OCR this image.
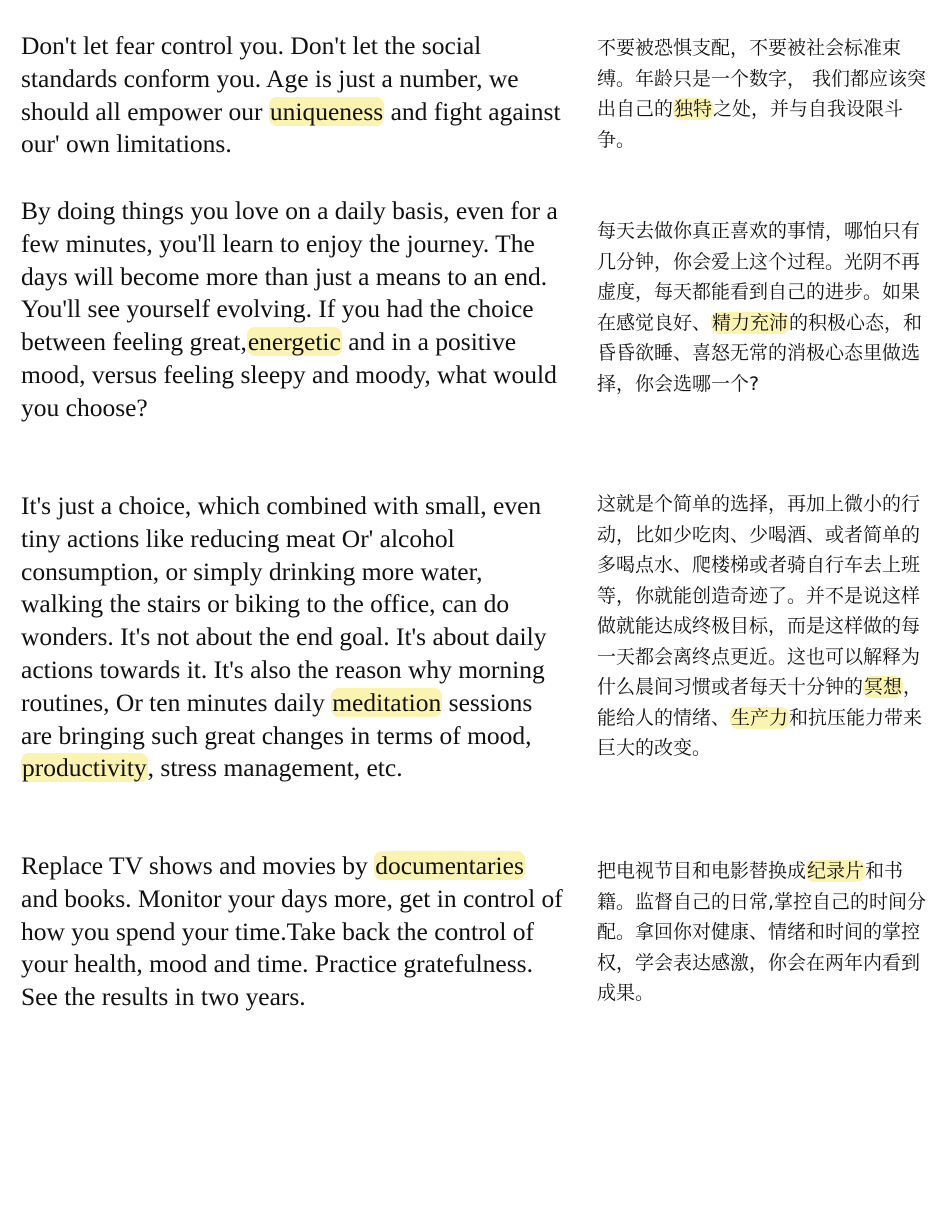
Don't let fear control you. Don't let the social standards conform you. Age is just a number, we should all empower our uniqueness and fight against our' own limitations.

By doing things you love on a daily basis, even for a few minutes, you'll learn to enjoy the journey. The days will become more than just a means to an end. You'll see yourself evolving. If you had the choice between feeling great,energetic and in a positive mood, versus feeling sleepy and moody, what would you choose?

It's just a choice, which combined with small, even tiny actions like reducing meat Or' alcohol consumption, or simply drinking more water, walking the stairs or biking to the office, can do wonders. It's not about the end goal. It's about daily actions towards it. It's also the reason why morning routines, Or ten minutes daily meditation sessions are bringing such great changes in terms of mood, productivity, stress management, etc.

Replace TV shows and movies by documentaries and books. Monitor your days more, get in control of how you spend your time.Take back the control of your health, mood and time. Practice gratefulness. See the results in two years.

不要被恐惧支配，不要被社会标准束缚。年龄只是一个数字， 我们都应该突出自己的独特之处，并与自我设限斗争。

每天去做你真正喜欢的事情，哪怕只有几分钟，你会爱上这个过程。光阴不再虚度，每天都能看到自己的进步。如果在感觉良好、精力充沛的积极心态，和昏昏欲睡、喜怒无常的消极心态里做选择，你会选哪一个?

这就是个简单的选择，再加上微小的行动，比如少吃肉、少喝酒、或者简单的多喝点水、爬楼梯或者骑自行车去上班等，你就能创造奇迹了。并不是说这样做就能达成终极目标，而是这样做的每一天都会离终点更近。这也可以解释为什么晨间习惯或者每天十分钟的冥想，能给人的情绪、生产力和抗压能力带来巨大的改变。

把电视节目和电影替换成纪录片和书籍。监督自己的日常,掌控自己的时间分配。拿回你对健康、情绪和时间的掌控权，学会表达感激，你会在两年内看到成果。
